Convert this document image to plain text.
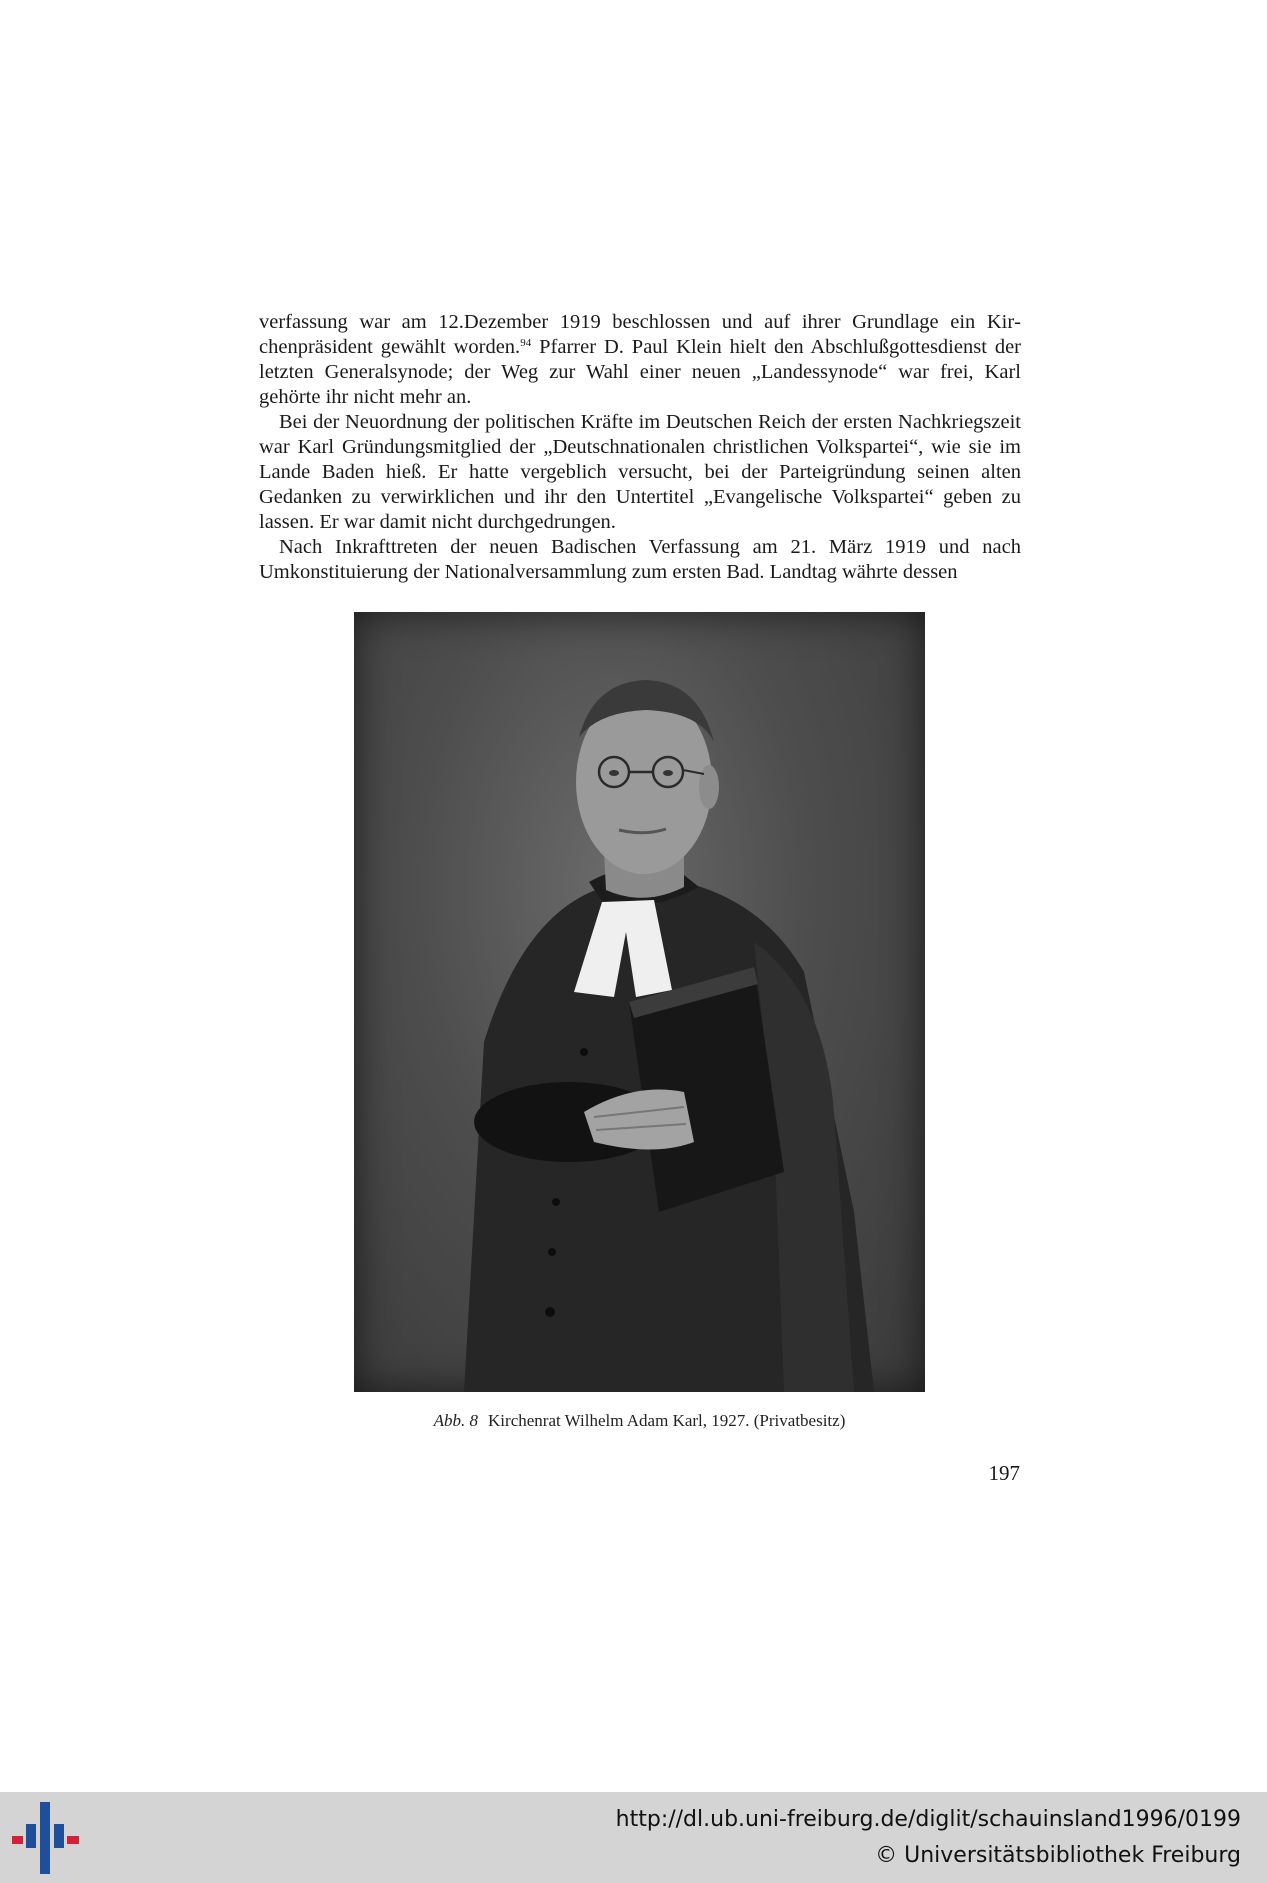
verfassung war am 12.Dezember 1919 beschlossen und auf ihrer Grundlage ein Kirchenpräsident gewählt worden.$^{94}$ Pfarrer D. Paul Klein hielt den Abschlußgottesdienst der letzten Generalsynode; der Weg zur Wahl einer neuen „Landessynode“ war frei, Karl gehörte ihr nicht mehr an.

Bei der Neuordnung der politischen Kräfte im Deutschen Reich der ersten Nachkriegszeit war Karl Gründungsmitglied der „Deutschnationalen christlichen Volkspartei“, wie sie im Lande Baden hieß. Er hatte vergeblich versucht, bei der Parteigründung seinen alten Gedanken zu verwirklichen und ihr den Untertitel „Evangelische Volkspartei“ geben zu lassen. Er war damit nicht durchgedrungen.

Nach Inkrafttreten der neuen Badischen Verfassung am 21. März 1919 und nach Umkonstituierung der Nationalversammlung zum ersten Bad. Landtag währte dessen

Abb. 8 Kirchenrat Wilhelm Adam Karl, 1927. (Privatbesitz)
197
http://dl.ub.uni-freiburg.de/diglit/schauinsland1996/0199
© Universitätsbibliothek Freiburg
